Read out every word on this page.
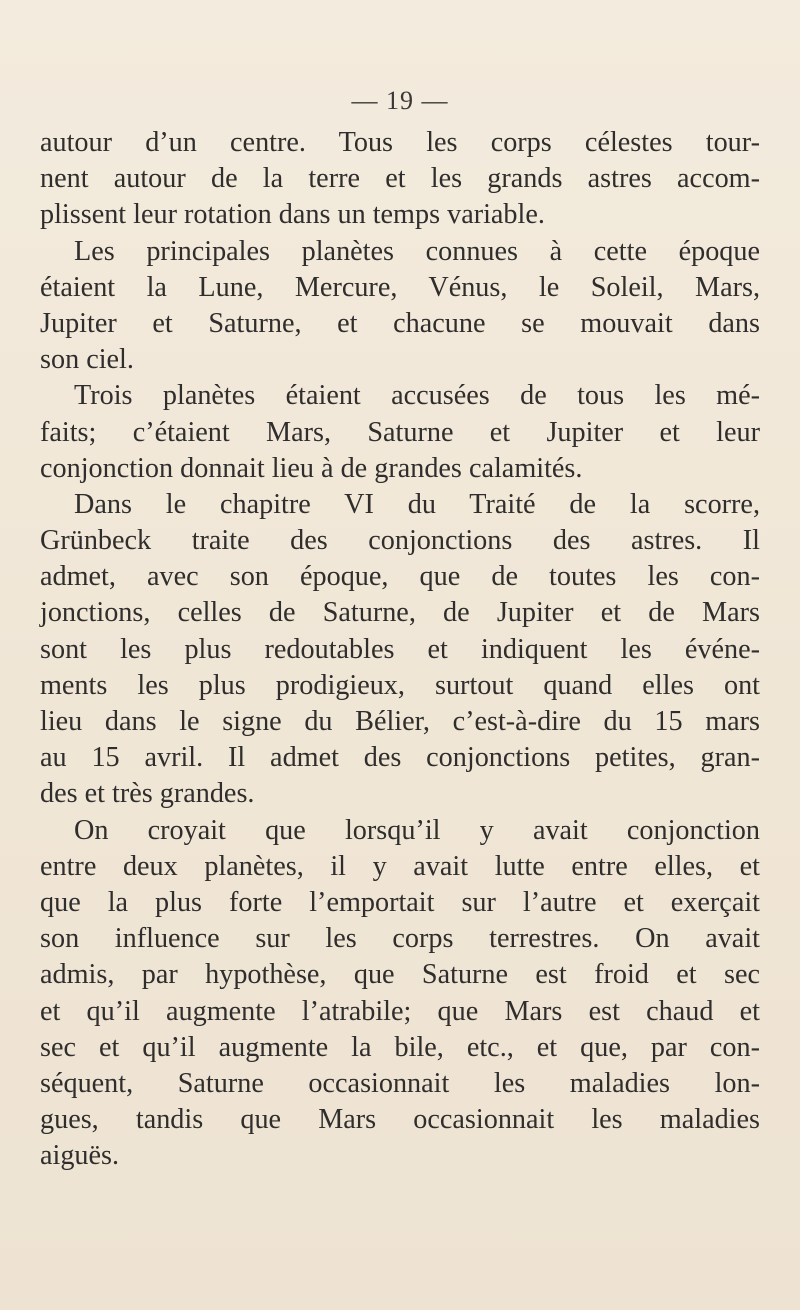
— 19 —
autour d’un centre. Tous les corps célestes tour-
nent autour de la terre et les grands astres accom-
plissent leur rotation dans un temps variable.
Les principales planètes connues à cette époque
étaient la Lune, Mercure, Vénus, le Soleil, Mars,
Jupiter et Saturne, et chacune se mouvait dans
son ciel.
Trois planètes étaient accusées de tous les mé-
faits; c’étaient Mars, Saturne et Jupiter et leur
conjonction donnait lieu à de grandes calamités.
Dans le chapitre VI du Traité de la scorre,
Grünbeck traite des conjonctions des astres. Il
admet, avec son époque, que de toutes les con-
jonctions, celles de Saturne, de Jupiter et de Mars
sont les plus redoutables et indiquent les événe-
ments les plus prodigieux, surtout quand elles ont
lieu dans le signe du Bélier, c’est-à-dire du 15 mars
au 15 avril. Il admet des conjonctions petites, gran-
des et très grandes.
On croyait que lorsqu’il y avait conjonction
entre deux planètes, il y avait lutte entre elles, et
que la plus forte l’emportait sur l’autre et exerçait
son influence sur les corps terrestres. On avait
admis, par hypothèse, que Saturne est froid et sec
et qu’il augmente l’atrabile; que Mars est chaud et
sec et qu’il augmente la bile, etc., et que, par con-
séquent, Saturne occasionnait les maladies lon-
gues, tandis que Mars occasionnait les maladies
aiguës.
